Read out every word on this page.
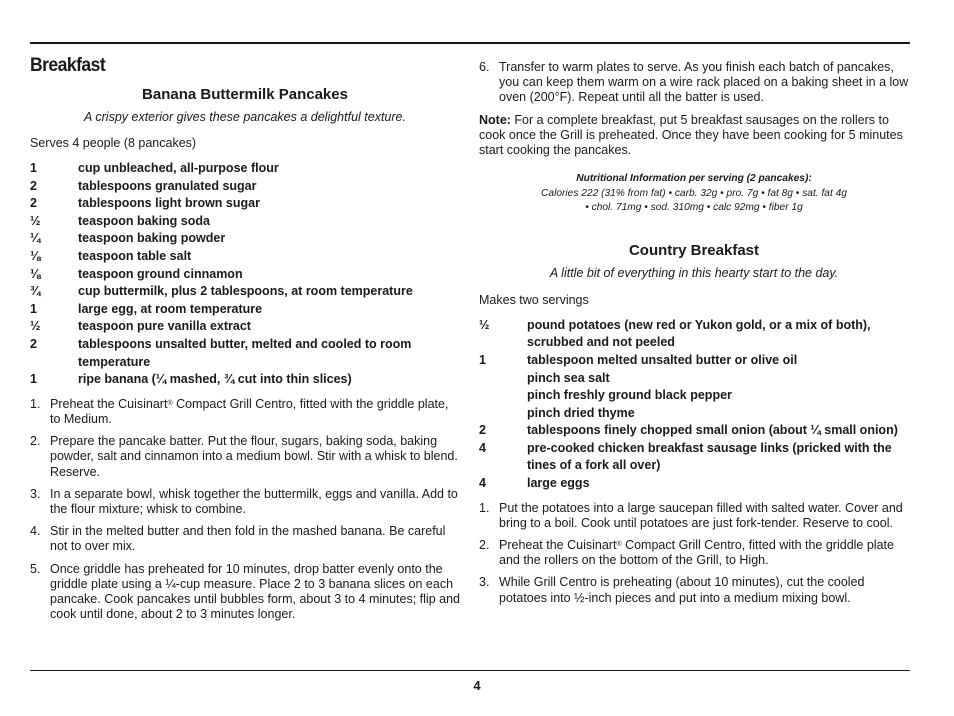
Breakfast
Banana Buttermilk Pancakes

A crispy exterior gives these pancakes a delightful texture.

Serves 4 people (8 pancakes)

1	cup unbleached, all-purpose flour
2	tablespoons granulated sugar
2	tablespoons light brown sugar
½	teaspoon baking soda
¼	teaspoon baking powder
⅛	teaspoon table salt
⅛	teaspoon ground cinnamon
¾	cup buttermilk, plus 2 tablespoons, at room temperature
1	large egg, at room temperature
½	teaspoon pure vanilla extract
2	tablespoons unsalted butter, melted and cooled to room temperature
1	ripe banana (¼ mashed, ¾ cut into thin slices)
1. Preheat the Cuisinart® Compact Grill Centro, fitted with the griddle plate, to Medium.
2. Prepare the pancake batter. Put the flour, sugars, baking soda, baking powder, salt and cinnamon into a medium bowl. Stir with a whisk to blend. Reserve.
3. In a separate bowl, whisk together the buttermilk, eggs and vanilla. Add to the flour mixture; whisk to combine.
4. Stir in the melted butter and then fold in the mashed banana. Be careful not to over mix.
5. Once griddle has preheated for 10 minutes, drop batter evenly onto the griddle plate using a ¼-cup measure. Place 2 to 3 banana slices on each pancake. Cook pancakes until bubbles form, about 3 to 4 minutes; flip and cook until done, about 2 to 3 minutes longer.
6. Transfer to warm plates to serve. As you finish each batch of pancakes, you can keep them warm on a wire rack placed on a baking sheet in a low oven (200°F). Repeat until all the batter is used.

Note: For a complete breakfast, put 5 breakfast sausages on the rollers to cook once the Grill is preheated. Once they have been cooking for 5 minutes start cooking the pancakes.

Nutritional Information per serving (2 pancakes):

Calories 222 (31% from fat) • carb. 32g • pro. 7g • fat 8g • sat. fat 4g

• chol. 71mg • sod. 310mg • calc 92mg • fiber 1g

Country Breakfast

A little bit of everything in this hearty start to the day.

Makes two servings

½	pound potatoes (new red or Yukon gold, or a mix of both), scrubbed and not peeled
1	tablespoon melted unsalted butter or olive oil
pinch sea salt
pinch freshly ground black pepper
pinch dried thyme
2	tablespoons finely chopped small onion (about ¼ small onion)
4	pre-cooked chicken breakfast sausage links (pricked with the tines of a fork all over)
4	large eggs
1. Put the potatoes into a large saucepan filled with salted water. Cover and bring to a boil. Cook until potatoes are just fork-tender. Reserve to cool.
2. Preheat the Cuisinart® Compact Grill Centro, fitted with the griddle plate and the rollers on the bottom of the Grill, to High.
3. While Grill Centro is preheating (about 10 minutes), cut the cooled potatoes into ½-inch pieces and put into a medium mixing bowl.
4
